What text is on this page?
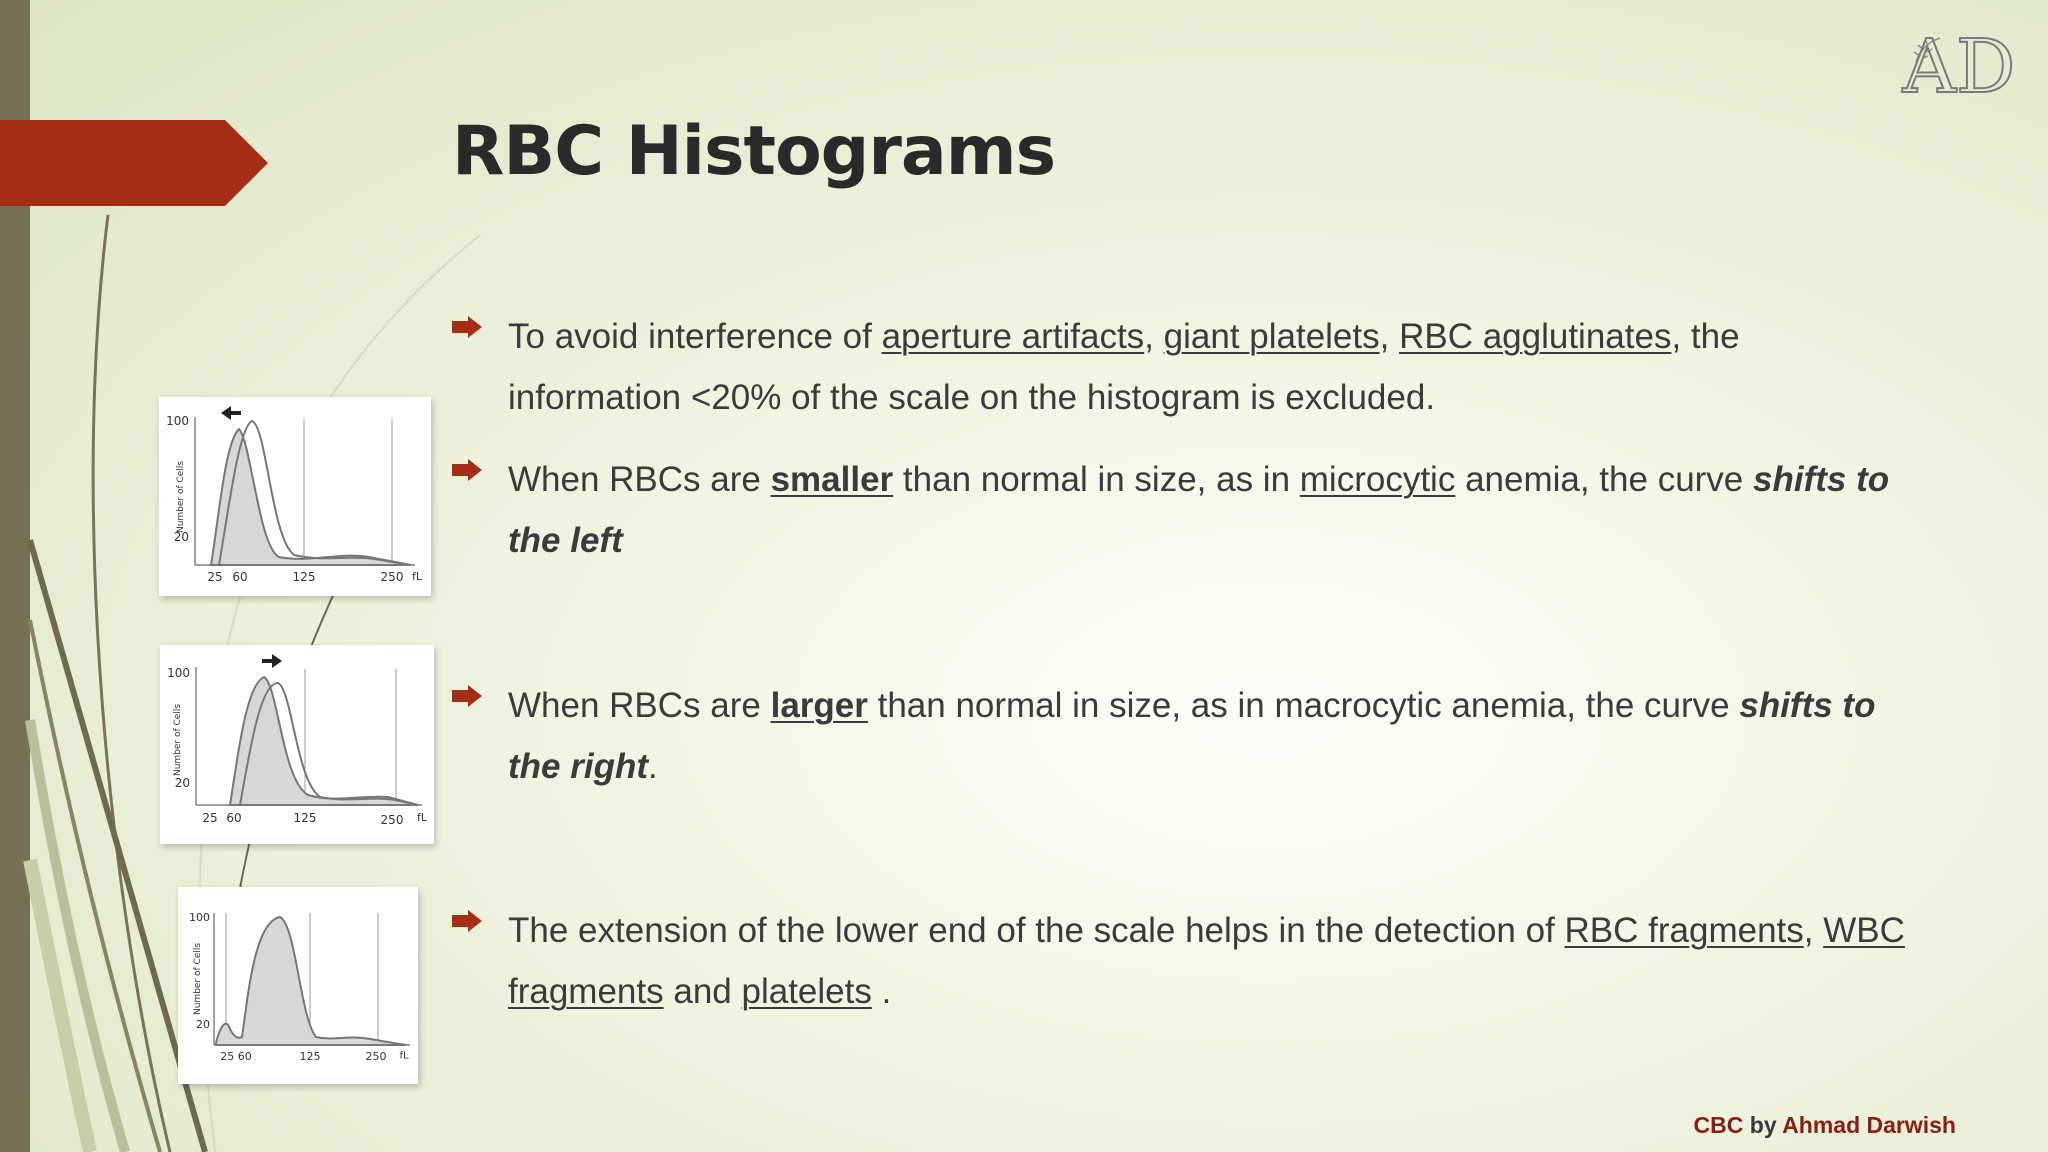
AD
RBC Histograms

To avoid interference of aperture artifacts, giant platelets, RBC agglutinates, the information <20% of the scale on the histogram is excluded.

When RBCs are smaller than normal in size, as in microcytic anemia, the curve shifts to the left

When RBCs are larger than normal in size, as in macrocytic anemia, the curve shifts to the right.

The extension of the lower end of the scale helps in the detection of RBC fragments, WBC fragments and platelets .

100
20
Number of Cells
25 60	125	250 fL
100
20
Number of Cells
25 60	125	250 fL
100
20
Number of Cells
25 60	125	250 fL
CBC by Ahmad Darwish
